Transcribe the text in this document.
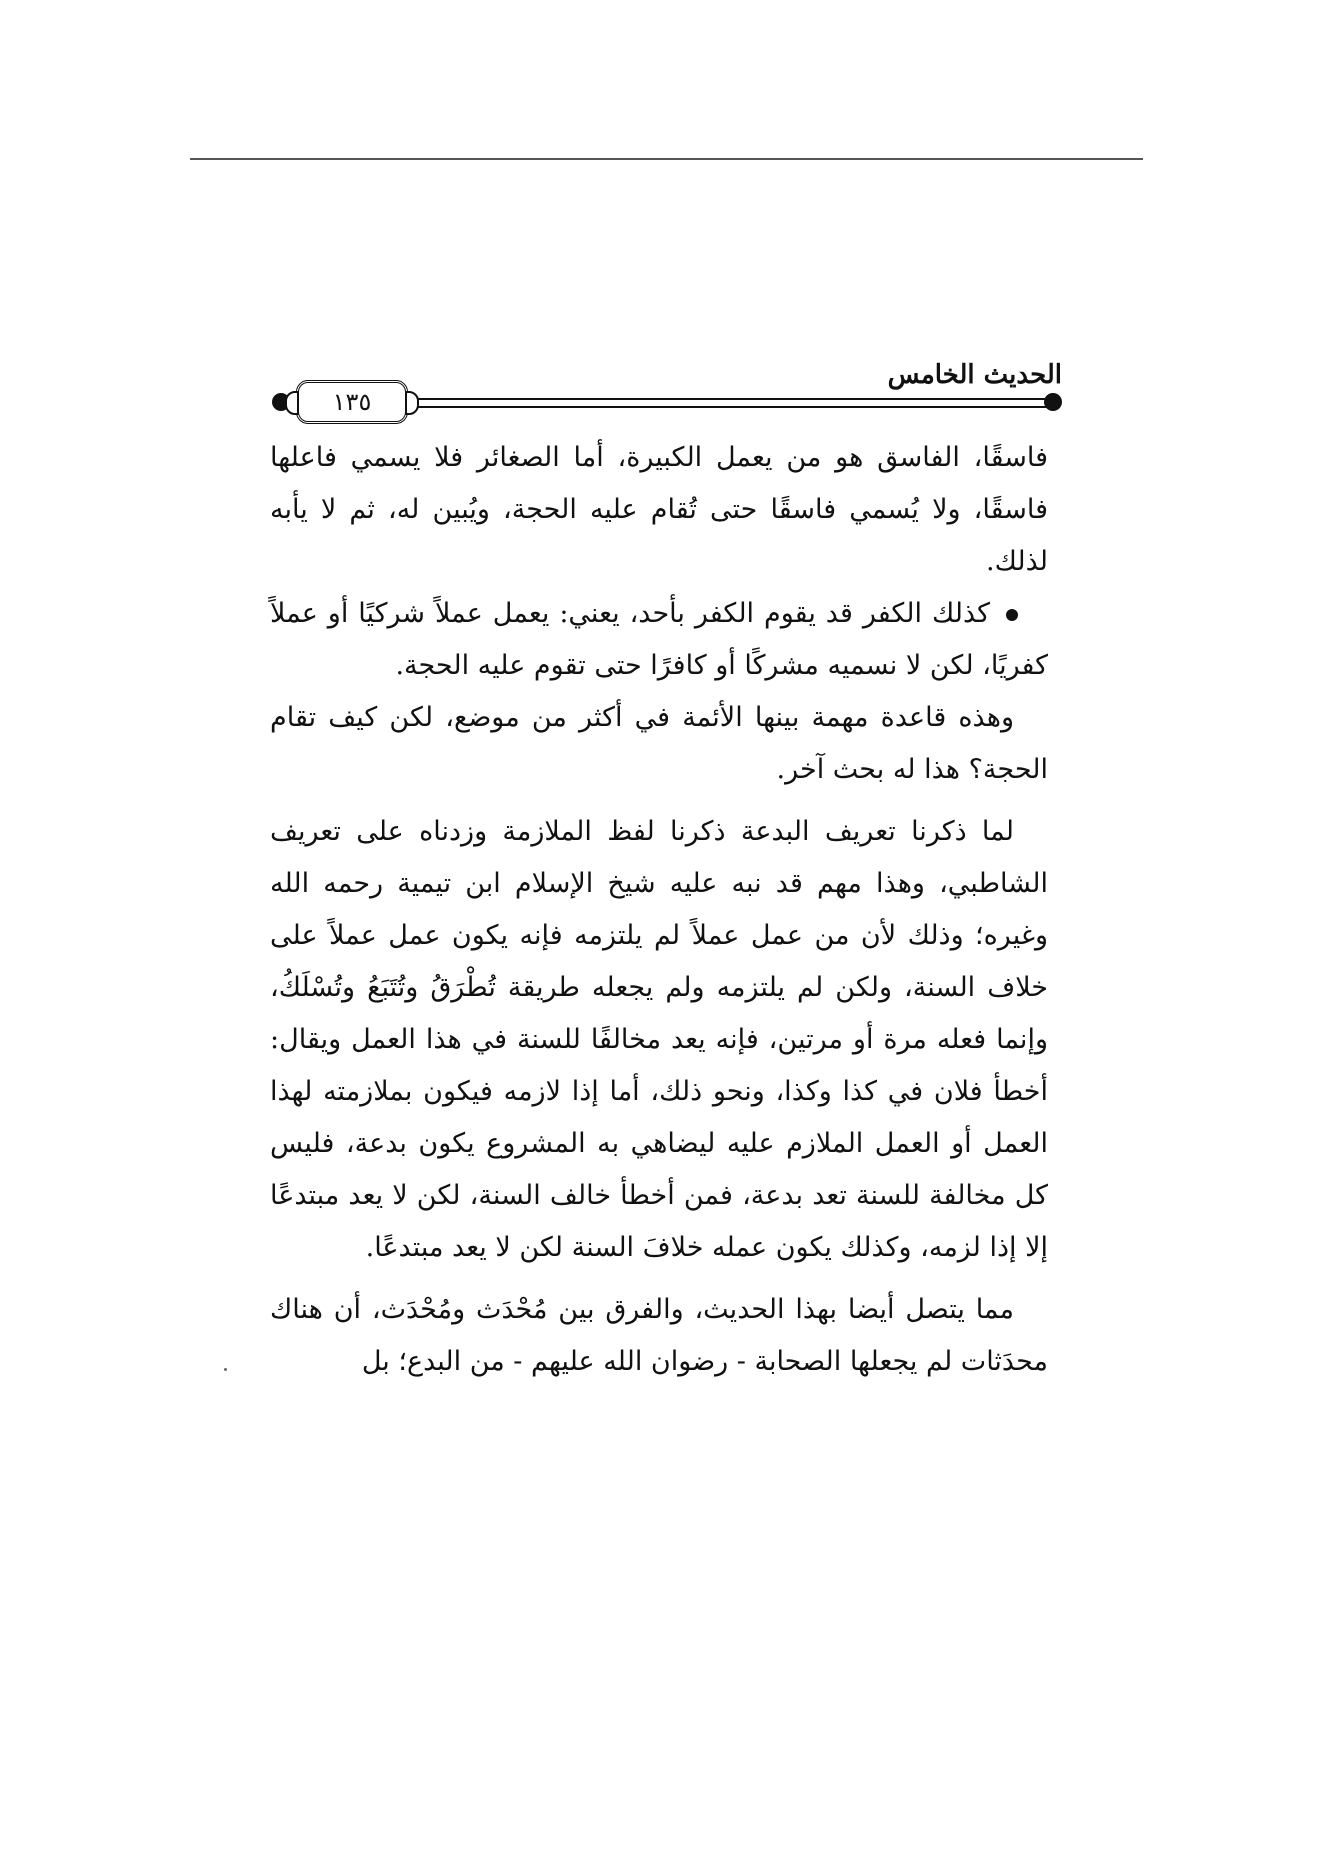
الحديث الخامس
١٣٥

فاسقًا، الفاسق هو من يعمل الكبيرة، أما الصغائر فلا يسمي فاعلها فاسقًا، ولا يُسمي فاسقًا حتى تُقام عليه الحجة، ويُبين له، ثم لا يأبه لذلك.

كذلك الكفر قد يقوم الكفر بأحد، يعني: يعمل عملاً شركيًا أو عملاً كفريًا، لكن لا نسميه مشركًا أو كافرًا حتى تقوم عليه الحجة.

وهذه قاعدة مهمة بينها الأئمة في أكثر من موضع، لكن كيف تقام الحجة؟ هذا له بحث آخر.

لما ذكرنا تعريف البدعة ذكرنا لفظ الملازمة وزدناه على تعريف الشاطبي، وهذا مهم قد نبه عليه شيخ الإسلام ابن تيمية رحمه الله وغيره؛ وذلك لأن من عمل عملاً لم يلتزمه فإنه يكون عمل عملاً على خلاف السنة، ولكن لم يلتزمه ولم يجعله طريقة تُطْرَقُ وتُتَبَعُ وتُسْلَكُ، وإنما فعله مرة أو مرتين، فإنه يعد مخالفًا للسنة في هذا العمل ويقال: أخطأ فلان في كذا وكذا، ونحو ذلك، أما إذا لازمه فيكون بملازمته لهذا العمل أو العمل الملازم عليه ليضاهي به المشروع يكون بدعة، فليس كل مخالفة للسنة تعد بدعة، فمن أخطأ خالف السنة، لكن لا يعد مبتدعًا إلا إذا لزمه، وكذلك يكون عمله خلافَ السنة لكن لا يعد مبتدعًا.

مما يتصل أيضا بهذا الحديث، والفرق بين مُحْدَث ومُحْدَث، أن هناك محدَثات لم يجعلها الصحابة - رضوان الله عليهم - من البدع؛ بل
